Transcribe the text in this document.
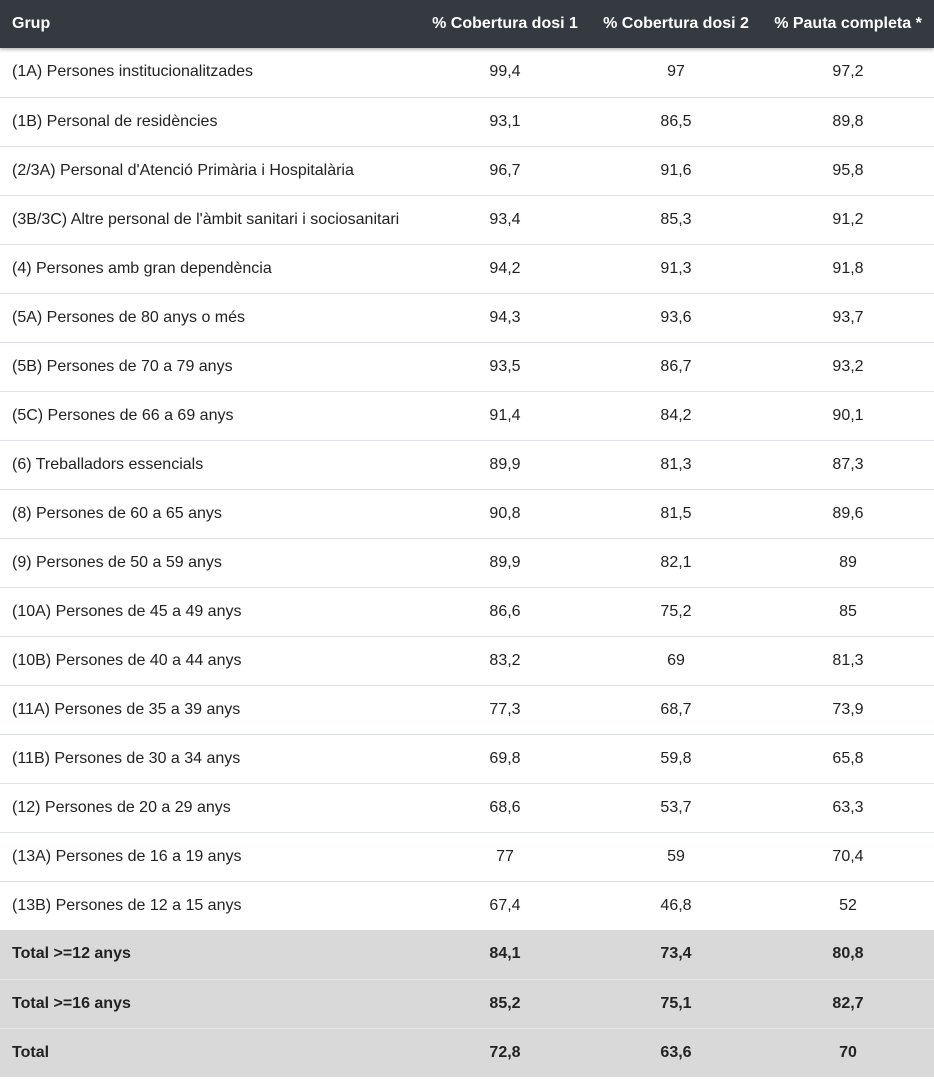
Grup	% Cobertura dosi 1	% Cobertura dosi 2	% Pauta completa *
(1A) Persones institucionalitzades	99,4	97	97,2
(1B) Personal de residències	93,1	86,5	89,8
(2/3A) Personal d'Atenció Primària i Hospitalària	96,7	91,6	95,8
(3B/3C) Altre personal de l'àmbit sanitari i sociosanitari	93,4	85,3	91,2
(4) Persones amb gran dependència	94,2	91,3	91,8
(5A) Persones de 80 anys o més	94,3	93,6	93,7
(5B) Persones de 70 a 79 anys	93,5	86,7	93,2
(5C) Persones de 66 a 69 anys	91,4	84,2	90,1
(6) Treballadors essencials	89,9	81,3	87,3
(8) Persones de 60 a 65 anys	90,8	81,5	89,6
(9) Persones de 50 a 59 anys	89,9	82,1	89
(10A) Persones de 45 a 49 anys	86,6	75,2	85
(10B) Persones de 40 a 44 anys	83,2	69	81,3
(11A) Persones de 35 a 39 anys	77,3	68,7	73,9
(11B) Persones de 30 a 34 anys	69,8	59,8	65,8
(12) Persones de 20 a 29 anys	68,6	53,7	63,3
(13A) Persones de 16 a 19 anys	77	59	70,4
(13B) Persones de 12 a 15 anys	67,4	46,8	52
Total >=12 anys	84,1	73,4	80,8
Total >=16 anys	85,2	75,1	82,7
Total	72,8	63,6	70
